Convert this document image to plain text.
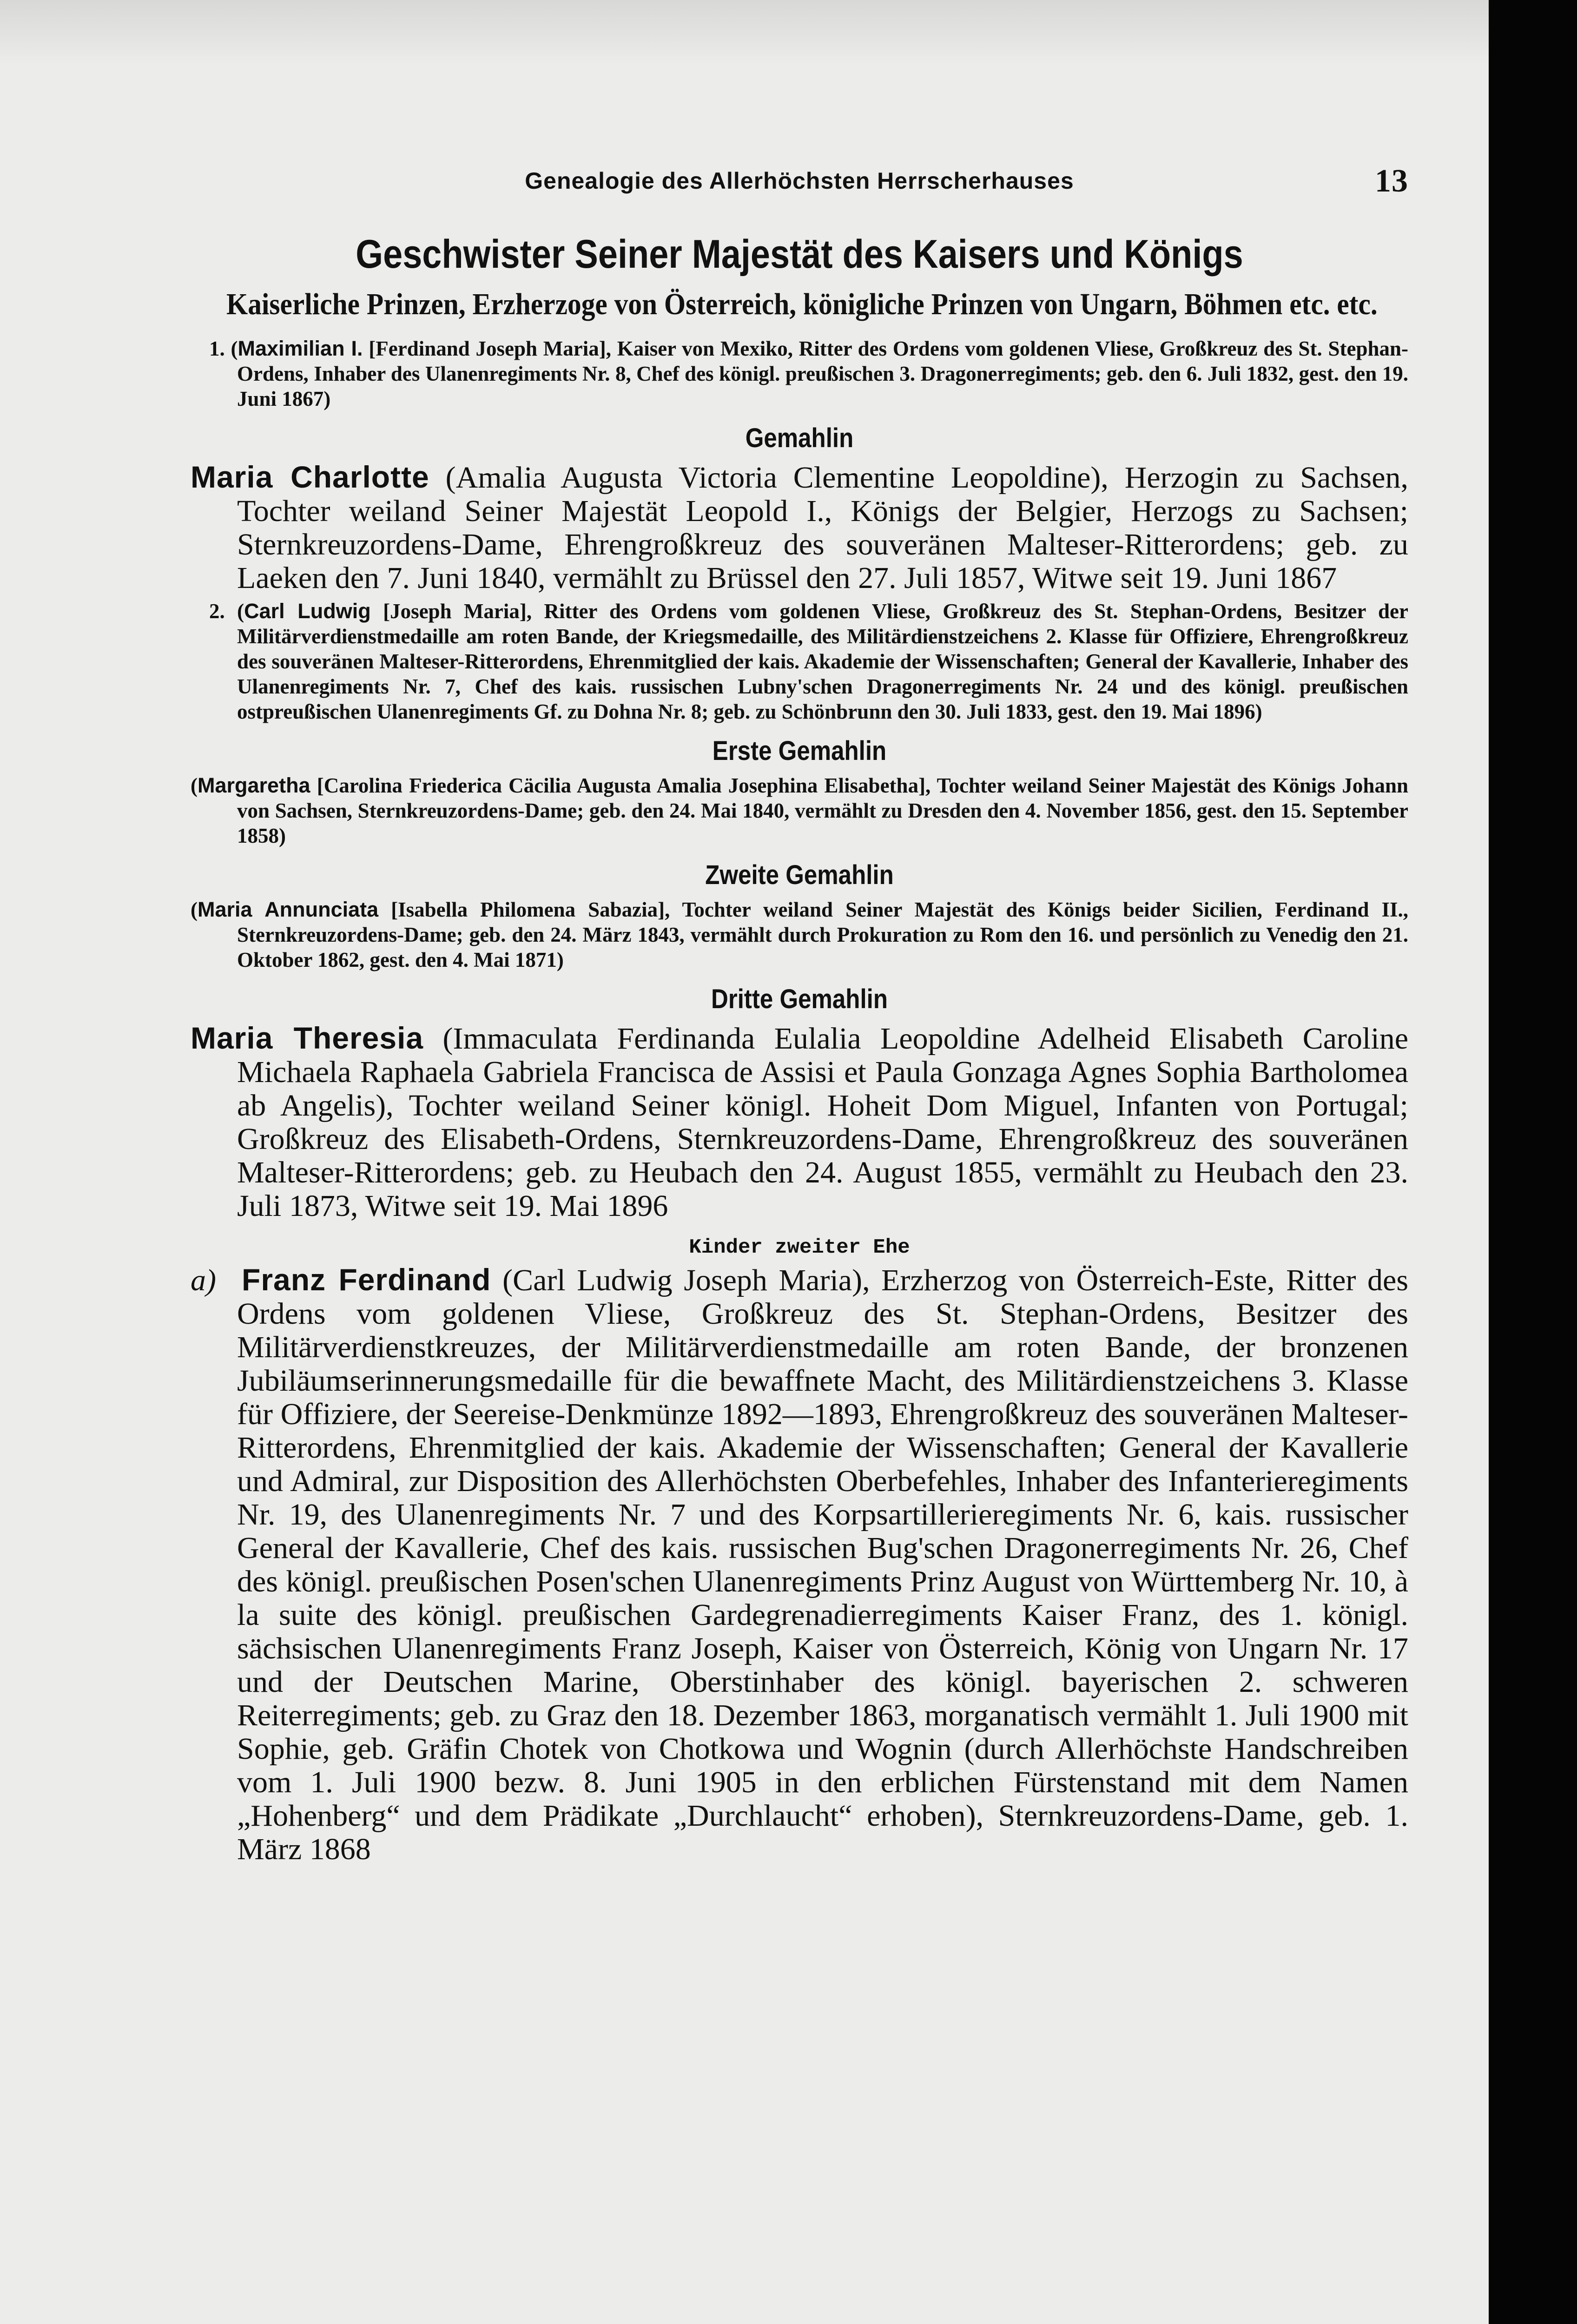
Genealogie des Allerhöchsten Herrscherhauses	13
Geschwister Seiner Majestät des Kaisers und Königs
Kaiserliche Prinzen, Erzherzoge von Österreich, königliche Prinzen von Ungarn, Böhmen etc. etc.

1. (Maximilian I. [Ferdinand Joseph Maria], Kaiser von Mexiko, Ritter des Ordens vom goldenen Vliese, Großkreuz des St. Stephan-Ordens, Inhaber des Ulanenregiments Nr. 8, Chef des königl. preußischen 3. Dragonerregiments; geb. den 6. Juli 1832, gest. den 19. Juni 1867)

Gemahlin

Maria Charlotte (Amalia Augusta Victoria Clementine Leopoldine), Herzogin zu Sachsen, Tochter weiland Seiner Majestät Leopold I., Königs der Belgier, Herzogs zu Sachsen; Sternkreuzordens-Dame, Ehrengroßkreuz des souveränen Malteser-Ritterordens; geb. zu Laeken den 7. Juni 1840, vermählt zu Brüssel den 27. Juli 1857, Witwe seit 19. Juni 1867

2. (Carl Ludwig [Joseph Maria], Ritter des Ordens vom goldenen Vliese, Großkreuz des St. Stephan-Ordens, Besitzer der Militärverdienstmedaille am roten Bande, der Kriegsmedaille, des Militärdienstzeichens 2. Klasse für Offiziere, Ehrengroßkreuz des souveränen Malteser-Ritterordens, Ehrenmitglied der kais. Akademie der Wissenschaften; General der Kavallerie, Inhaber des Ulanenregiments Nr. 7, Chef des kais. russischen Lubny'schen Dragonerregiments Nr. 24 und des königl. preußischen ostpreußischen Ulanenregiments Gf. zu Dohna Nr. 8; geb. zu Schönbrunn den 30. Juli 1833, gest. den 19. Mai 1896)

Erste Gemahlin

(Margaretha [Carolina Friederica Cäcilia Augusta Amalia Josephina Elisabetha], Tochter weiland Seiner Majestät des Königs Johann von Sachsen, Sternkreuzordens-Dame; geb. den 24. Mai 1840, vermählt zu Dresden den 4. November 1856, gest. den 15. September 1858)

Zweite Gemahlin

(Maria Annunciata [Isabella Philomena Sabazia], Tochter weiland Seiner Majestät des Königs beider Sicilien, Ferdinand II., Sternkreuzordens-Dame; geb. den 24. März 1843, vermählt durch Prokuration zu Rom den 16. und persönlich zu Venedig den 21. Oktober 1862, gest. den 4. Mai 1871)

Dritte Gemahlin

Maria Theresia (Immaculata Ferdinanda Eulalia Leopoldine Adelheid Elisabeth Caroline Michaela Raphaela Gabriela Francisca de Assisi et Paula Gonzaga Agnes Sophia Bartholomea ab Angelis), Tochter weiland Seiner königl. Hoheit Dom Miguel, Infanten von Portugal; Großkreuz des Elisabeth-Ordens, Sternkreuzordens-Dame, Ehrengroßkreuz des souveränen Malteser-Ritterordens; geb. zu Heubach den 24. August 1855, vermählt zu Heubach den 23. Juli 1873, Witwe seit 19. Mai 1896

Kinder zweiter Ehe

a) Franz Ferdinand (Carl Ludwig Joseph Maria), Erzherzog von Österreich-Este, Ritter des Ordens vom goldenen Vliese, Großkreuz des St. Stephan-Ordens, Besitzer des Militärverdienstkreuzes, der Militärverdienstmedaille am roten Bande, der bronzenen Jubiläumserinnerungsmedaille für die bewaffnete Macht, des Militärdienstzeichens 3. Klasse für Offiziere, der Seereise-Denkmünze 1892—1893, Ehrengroßkreuz des souveränen Malteser-Ritterordens, Ehrenmitglied der kais. Akademie der Wissenschaften; General der Kavallerie und Admiral, zur Disposition des Allerhöchsten Oberbefehles, Inhaber des Infanterieregiments Nr. 19, des Ulanenregiments Nr. 7 und des Korpsartillerieregiments Nr. 6, kais. russischer General der Kavallerie, Chef des kais. russischen Bug'schen Dragonerregiments Nr. 26, Chef des königl. preußischen Posen'schen Ulanenregiments Prinz August von Württemberg Nr. 10, à la suite des königl. preußischen Gardegrenadierregiments Kaiser Franz, des 1. königl. sächsischen Ulanenregiments Franz Joseph, Kaiser von Österreich, König von Ungarn Nr. 17 und der Deutschen Marine, Oberstinhaber des königl. bayerischen 2. schweren Reiterregiments; geb. zu Graz den 18. Dezember 1863, morganatisch vermählt 1. Juli 1900 mit Sophie, geb. Gräfin Chotek von Chotkowa und Wognin (durch Allerhöchste Handschreiben vom 1. Juli 1900 bezw. 8. Juni 1905 in den erblichen Fürstenstand mit dem Namen „Hohenberg“ und dem Prädikate „Durchlaucht“ erhoben), Sternkreuzordens-Dame, geb. 1. März 1868
